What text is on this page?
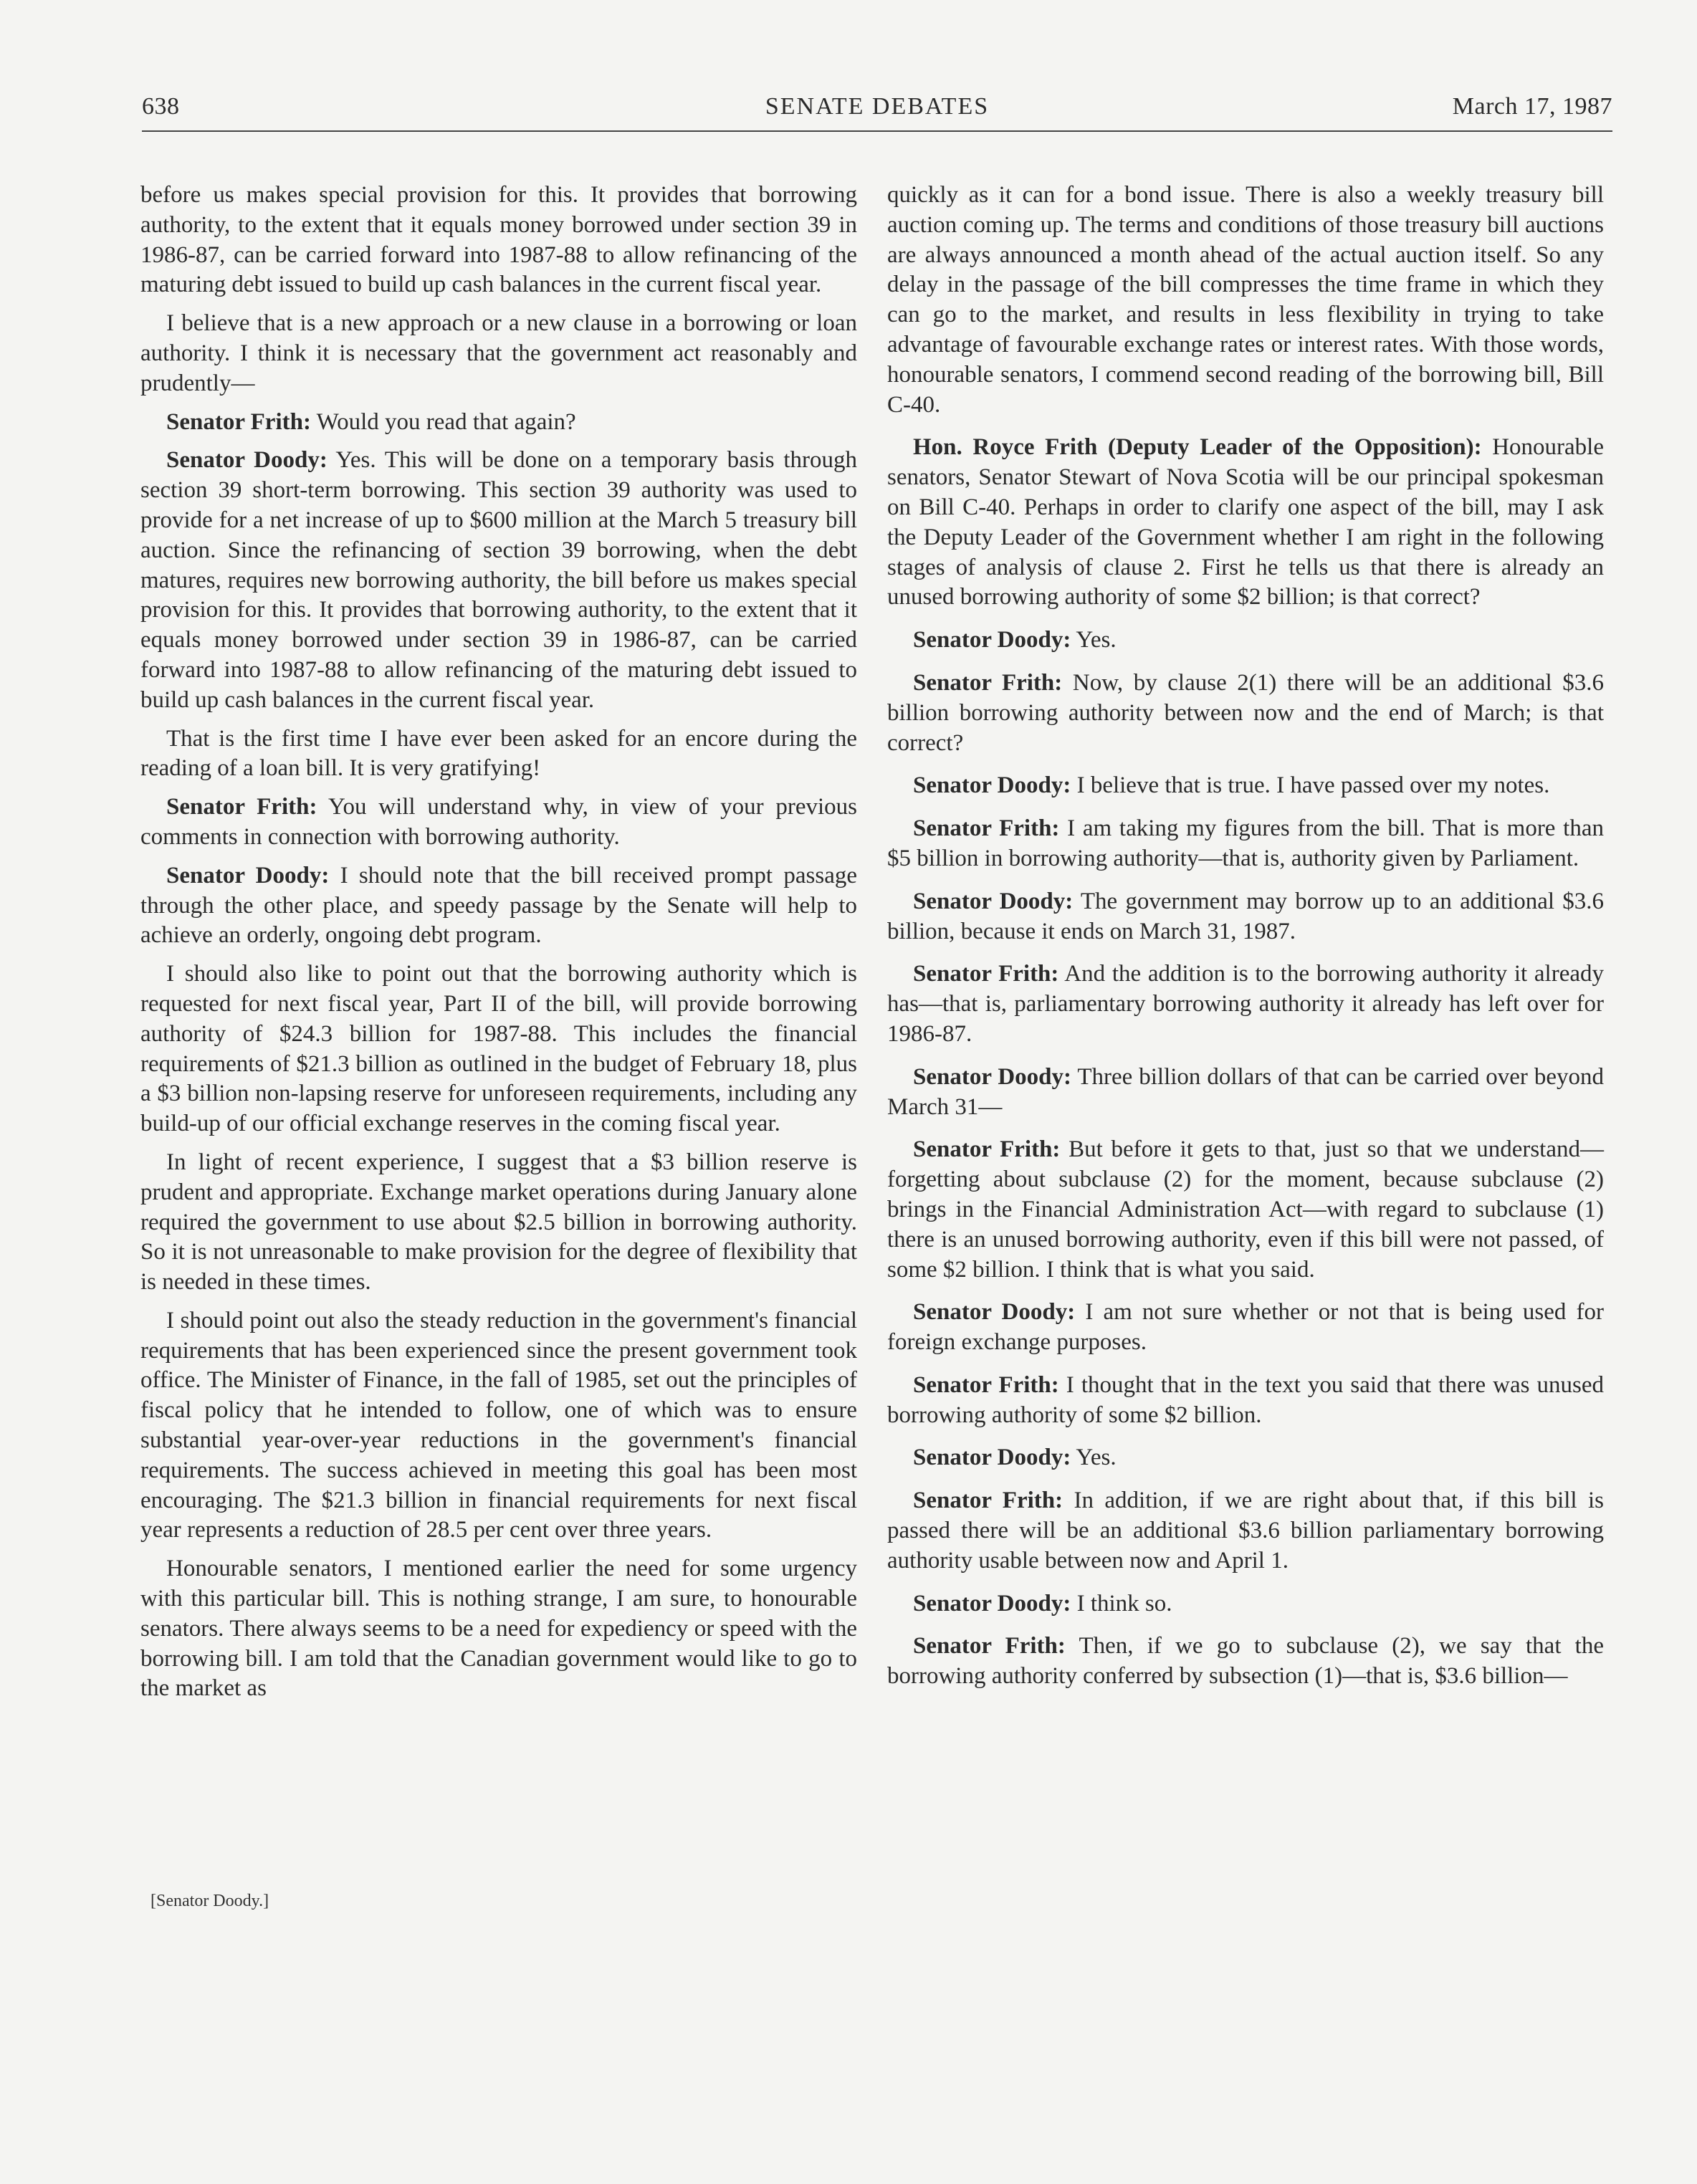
638	SENATE DEBATES	March 17, 1987

before us makes special provision for this. It provides that borrowing authority, to the extent that it equals money borrowed under section 39 in 1986-87, can be carried forward into 1987-88 to allow refinancing of the maturing debt issued to build up cash balances in the current fiscal year.

I believe that is a new approach or a new clause in a borrowing or loan authority. I think it is necessary that the government act reasonably and prudently—

Senator Frith: Would you read that again?

Senator Doody: Yes. This will be done on a temporary basis through section 39 short-term borrowing. This section 39 authority was used to provide for a net increase of up to $600 million at the March 5 treasury bill auction. Since the refinancing of section 39 borrowing, when the debt matures, requires new borrowing authority, the bill before us makes special provision for this. It provides that borrowing authority, to the extent that it equals money borrowed under section 39 in 1986-87, can be carried forward into 1987-88 to allow refinancing of the maturing debt issued to build up cash balances in the current fiscal year.

That is the first time I have ever been asked for an encore during the reading of a loan bill. It is very gratifying!

Senator Frith: You will understand why, in view of your previous comments in connection with borrowing authority.

Senator Doody: I should note that the bill received prompt passage through the other place, and speedy passage by the Senate will help to achieve an orderly, ongoing debt program.

I should also like to point out that the borrowing authority which is requested for next fiscal year, Part II of the bill, will provide borrowing authority of $24.3 billion for 1987-88. This includes the financial requirements of $21.3 billion as outlined in the budget of February 18, plus a $3 billion non-lapsing reserve for unforeseen requirements, including any build-up of our official exchange reserves in the coming fiscal year.

In light of recent experience, I suggest that a $3 billion reserve is prudent and appropriate. Exchange market operations during January alone required the government to use about $2.5 billion in borrowing authority. So it is not unreasonable to make provision for the degree of flexibility that is needed in these times.

I should point out also the steady reduction in the government's financial requirements that has been experienced since the present government took office. The Minister of Finance, in the fall of 1985, set out the principles of fiscal policy that he intended to follow, one of which was to ensure substantial year-over-year reductions in the government's financial requirements. The success achieved in meeting this goal has been most encouraging. The $21.3 billion in financial requirements for next fiscal year represents a reduction of 28.5 per cent over three years.

Honourable senators, I mentioned earlier the need for some urgency with this particular bill. This is nothing strange, I am sure, to honourable senators. There always seems to be a need for expediency or speed with the borrowing bill. I am told that the Canadian government would like to go to the market as

[Senator Doody.]

quickly as it can for a bond issue. There is also a weekly treasury bill auction coming up. The terms and conditions of those treasury bill auctions are always announced a month ahead of the actual auction itself. So any delay in the passage of the bill compresses the time frame in which they can go to the market, and results in less flexibility in trying to take advantage of favourable exchange rates or interest rates. With those words, honourable senators, I commend second reading of the borrowing bill, Bill C-40.

Hon. Royce Frith (Deputy Leader of the Opposition): Honourable senators, Senator Stewart of Nova Scotia will be our principal spokesman on Bill C-40. Perhaps in order to clarify one aspect of the bill, may I ask the Deputy Leader of the Government whether I am right in the following stages of analysis of clause 2. First he tells us that there is already an unused borrowing authority of some $2 billion; is that correct?

Senator Doody: Yes.

Senator Frith: Now, by clause 2(1) there will be an additional $3.6 billion borrowing authority between now and the end of March; is that correct?

Senator Doody: I believe that is true. I have passed over my notes.

Senator Frith: I am taking my figures from the bill. That is more than $5 billion in borrowing authority—that is, authority given by Parliament.

Senator Doody: The government may borrow up to an additional $3.6 billion, because it ends on March 31, 1987.

Senator Frith: And the addition is to the borrowing authority it already has—that is, parliamentary borrowing authority it already has left over for 1986-87.

Senator Doody: Three billion dollars of that can be carried over beyond March 31—

Senator Frith: But before it gets to that, just so that we understand—forgetting about subclause (2) for the moment, because subclause (2) brings in the Financial Administration Act—with regard to subclause (1) there is an unused borrowing authority, even if this bill were not passed, of some $2 billion. I think that is what you said.

Senator Doody: I am not sure whether or not that is being used for foreign exchange purposes.

Senator Frith: I thought that in the text you said that there was unused borrowing authority of some $2 billion.

Senator Doody: Yes.

Senator Frith: In addition, if we are right about that, if this bill is passed there will be an additional $3.6 billion parliamentary borrowing authority usable between now and April 1.

Senator Doody: I think so.

Senator Frith: Then, if we go to subclause (2), we say that the borrowing authority conferred by subsection (1)—that is, $3.6 billion—
